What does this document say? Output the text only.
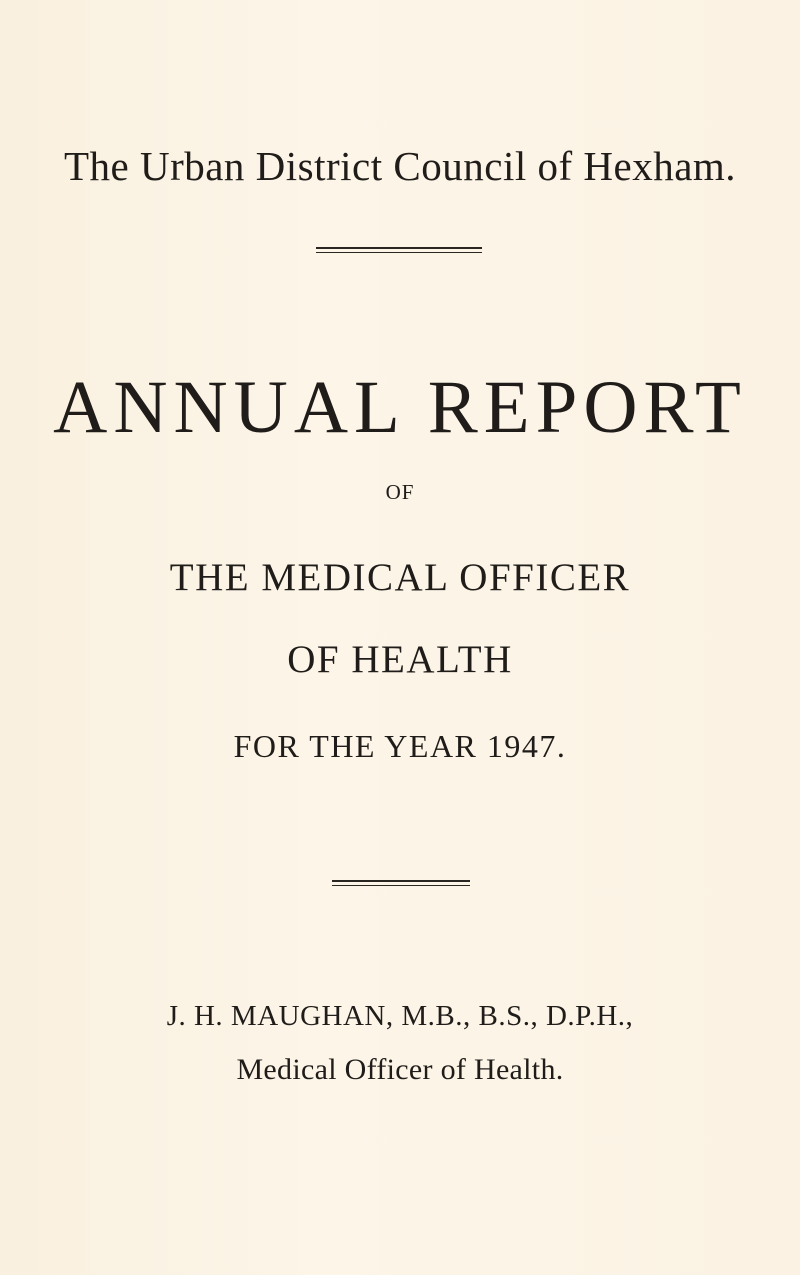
The Urban District Council of Hexham.
ANNUAL REPORT
OF
THE MEDICAL OFFICER
OF HEALTH
FOR THE YEAR 1947.
J. H. MAUGHAN, M.B., B.S., D.P.H.,
Medical Officer of Health.
